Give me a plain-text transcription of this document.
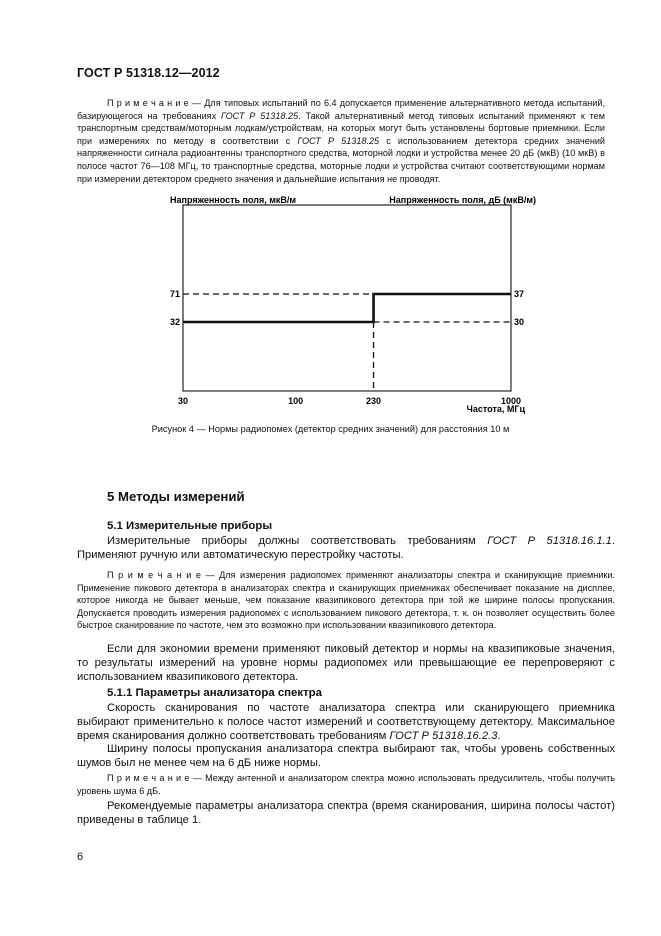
ГОСТ Р 51318.12—2012
П р и м е ч а н и е — Для типовых испытаний по 6.4 допускается применение альтернативного метода испытаний, базирующегося на требованиях ГОСТ Р 51318.25. Такой альтернативный метод типовых испытаний применяют к тем транспортным средствам/моторным лодкам/устройствам, на которых могут быть установлены бортовые приемники. Если при измерениях по методу в соответствии с ГОСТ Р 51318.25 с использованием детектора средних значений напряженности сигнала радиоантенны транспортного средства, моторной лодки и устройства менее 20 дБ (мкВ) (10 мкВ) в полосе частот 76—108 МГц, то транспортные средства, моторные лодки и устройства считают соответствующими нормам при измерении детектором среднего значения и дальнейшие испытания не проводят.
Напряженность поля, мкВ/м	Напряженность поля, дБ (мкВ/м)
Частота, МГц
30	100	230	1000
71
32
37
30
Рисунок 4 — Нормы радиопомех (детектор средних значений) для расстояния 10 м
5 Методы измерений
5.1 Измерительные приборы
Измерительные приборы должны соответствовать требованиям ГОСТ Р 51318.16.1.1. Применяют ручную или автоматическую перестройку частоты.
П р и м е ч а н и е — Для измерения радиопомех применяют анализаторы спектра и сканирующие приемники. Применение пикового детектора в анализаторах спектра и сканирующих приемниках обеспечивает показание на дисплее, которое никогда не бывает меньше, чем показание квазипикового детектора при той же ширине полосы пропускания. Допускается проводить измерения радиопомех с использованием пикового детектора, т. к. он позволяет осуществить более быстрое сканирование по частоте, чем это возможно при использовании квазипикового детектора.
Если для экономии времени применяют пиковый детектор и нормы на квазипиковые значения, то результаты измерений на уровне нормы радиопомех или превышающие ее перепроверяют с использованием квазипикового детектора.
5.1.1 Параметры анализатора спектра
Скорость сканирования по частоте анализатора спектра или сканирующего приемника выбирают применительно к полосе частот измерений и соответствующему детектору. Максимальное время сканирования должно соответствовать требованиям ГОСТ Р 51318.16.2.3.
Ширину полосы пропускания анализатора спектра выбирают так, чтобы уровень собственных шумов был не менее чем на 6 дБ ниже нормы.
П р и м е ч а н и е — Между антенной и анализатором спектра можно использовать предусилитель, чтобы получить уровень шума 6 дБ.
Рекомендуемые параметры анализатора спектра (время сканирования, ширина полосы частот) приведены в таблице 1.
6
